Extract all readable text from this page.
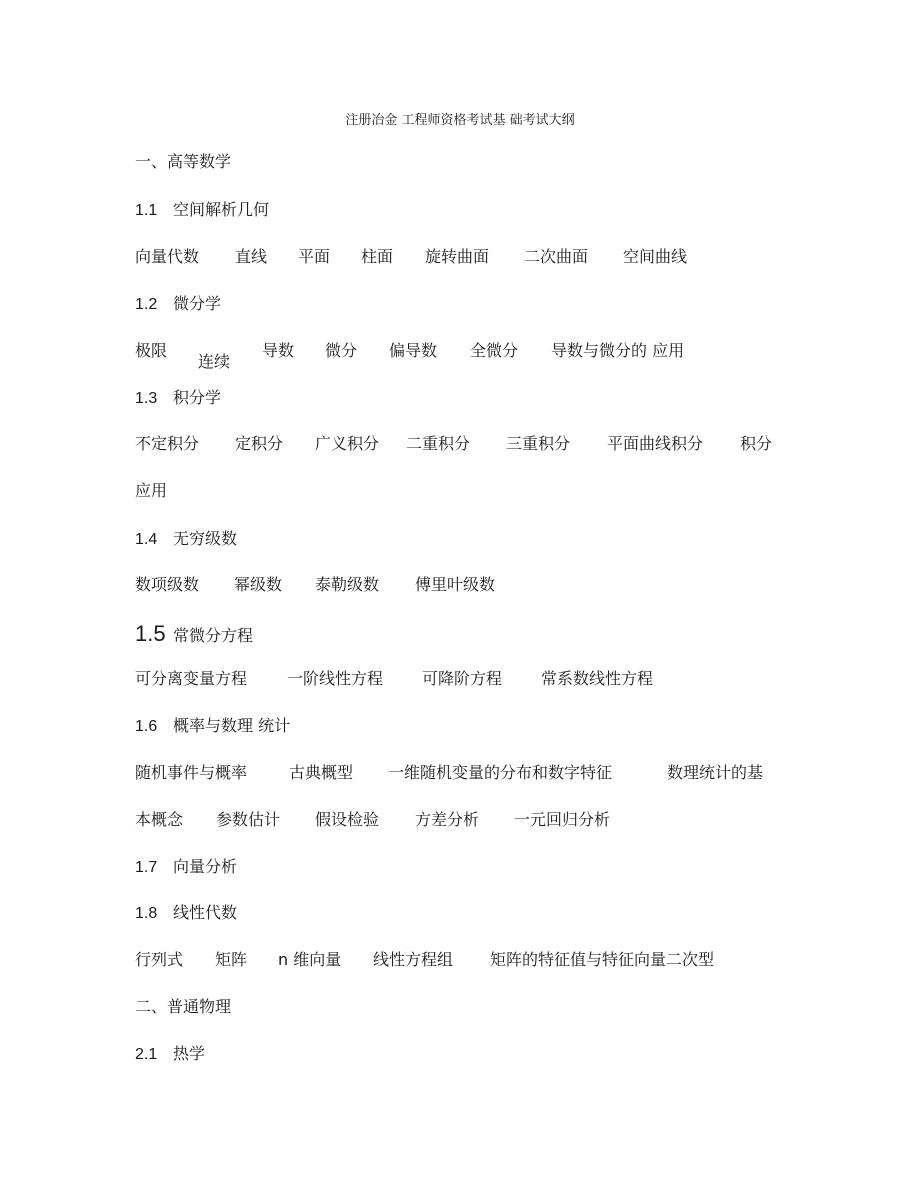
注册冶金 工程师资格考试基 础考试大纲
一、高等数学
1.1 空间解析几何
向量代数 直线 平面 柱面 旋转曲面 二次曲面 空间曲线
1.2 微分学
极限
连续
导数 微分 偏导数 全微分 导数与微分的 应用
1.3 积分学
不定积分 定积分 广义积分 二重积分 三重积分 平面曲线积分 积分
应用
1.4 无穷级数
数项级数 幂级数 泰勒级数 傅里叶级数
1.5 常微分方程
可分离变量方程 一阶线性方程 可降阶方程 常系数线性方程
1.6 概率与数理 统计
随机事件与概率	古典概型 一维随机变量的分布和数字特征	数理统计的基
本概念 参数估计 假设检验 方差分析 一元回归分析
1.7 向量分析
1.8 线性代数
行列式 矩阵 n 维向量 线性方程组 矩阵的特征值与特征向量二次型
二、普通物理
2.1 热学
